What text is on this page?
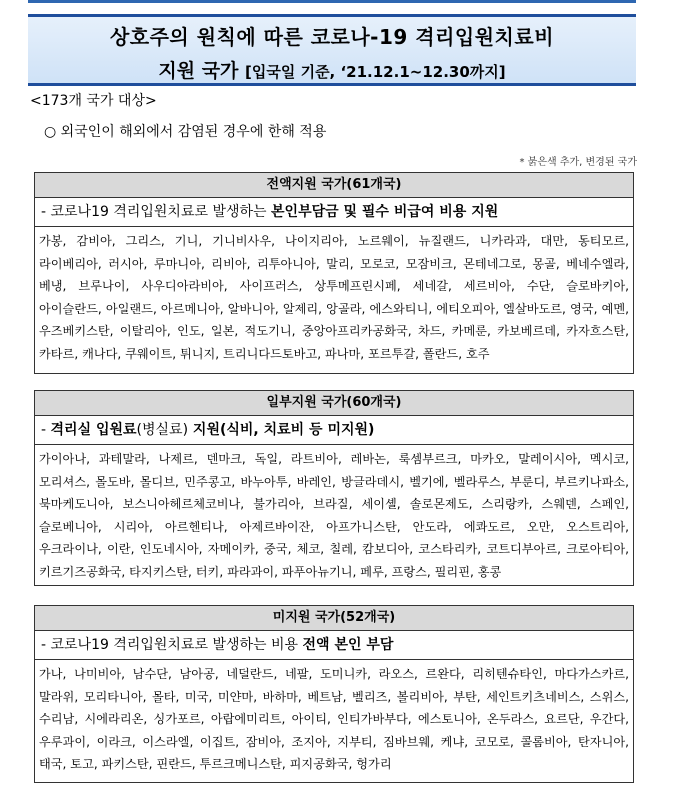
상호주의 원칙에 따른 코로나-19 격리입원치료비
지원 국가 [입국일 기준, ‘21.12.1~12.30까지]
<173개 국가 대상>
○ 외국인이 해외에서 감염된 경우에 한해 적용
* 붉은색 추가, 변경된 국가
전액지원 국가(61개국)
- 코로나19 격리입원치료로 발생하는 본인부담금 및 필수 비급여 비용 지원
가봉, 감비아, 그리스, 기니, 기니비사우, 나이지리아, 노르웨이, 뉴질랜드, 니카라과, 대만, 동티모르, 라이베리아, 러시아, 루마니아, 리비아, 리투아니아, 말리, 모로코, 모잠비크, 몬테네그로, 몽골, 베네수엘라, 베냉, 브루나이, 사우디아라비아, 사이프러스, 상투메프린시페, 세네갈, 세르비아, 수단, 슬로바키아, 아이슬란드, 아일랜드, 아르메니아, 알바니아, 알제리, 앙골라, 에스와티니, 에티오피아, 엘살바도르, 영국, 예멘, 우즈베키스탄, 이탈리아, 인도, 일본, 적도기니, 중앙아프리카공화국, 차드, 카메룬, 카보베르데, 카자흐스탄, 카타르, 캐나다, 쿠웨이트, 튀니지, 트리니다드토바고, 파나마, 포르투갈, 폴란드, 호주
일부지원 국가(60개국)
- 격리실 입원료(병실료) 지원(식비, 치료비 등 미지원)
가이아나, 과테말라, 나제르, 덴마크, 독일, 라트비아, 레바논, 룩셈부르크, 마카오, 말레이시아, 멕시코, 모리셔스, 몰도바, 몰디브, 민주콩고, 바누아투, 바레인, 방글라데시, 벨기에, 벨라루스, 부룬디, 부르키나파소, 북마케도니아, 보스니아헤르체코비나, 불가리아, 브라질, 세이셸, 솔로몬제도, 스리랑카, 스웨덴, 스페인, 슬로베니아, 시리아, 아르헨티나, 아제르바이잔, 아프가니스탄, 안도라, 에콰도르, 오만, 오스트리아, 우크라이나, 이란, 인도네시아, 자메이카, 중국, 체코, 칠레, 캄보디아, 코스타리카, 코트디부아르, 크로아티아, 키르기즈공화국, 타지키스탄, 터키, 파라과이, 파푸아뉴기니, 페루, 프랑스, 필리핀, 홍콩
미지원 국가(52개국)
- 코로나19 격리입원치료로 발생하는 비용 전액 본인 부담
가나, 나미비아, 남수단, 남아공, 네덜란드, 네팔, 도미니카, 라오스, 르완다, 리히텐슈타인, 마다가스카르, 말라위, 모리타니아, 몰타, 미국, 미얀마, 바하마, 베트남, 벨리즈, 볼리비아, 부탄, 세인트키츠네비스, 스위스, 수리남, 시에라리온, 싱가포르, 아랍에미리트, 아이티, 인티가바부다, 에스토니아, 온두라스, 요르단, 우간다, 우루과이, 이라크, 이스라엘, 이집트, 잠비아, 조지아, 지부티, 짐바브웨, 케냐, 코모로, 콜롬비아, 탄자니아, 태국, 토고, 파키스탄, 핀란드, 투르크메니스탄, 피지공화국, 헝가리
